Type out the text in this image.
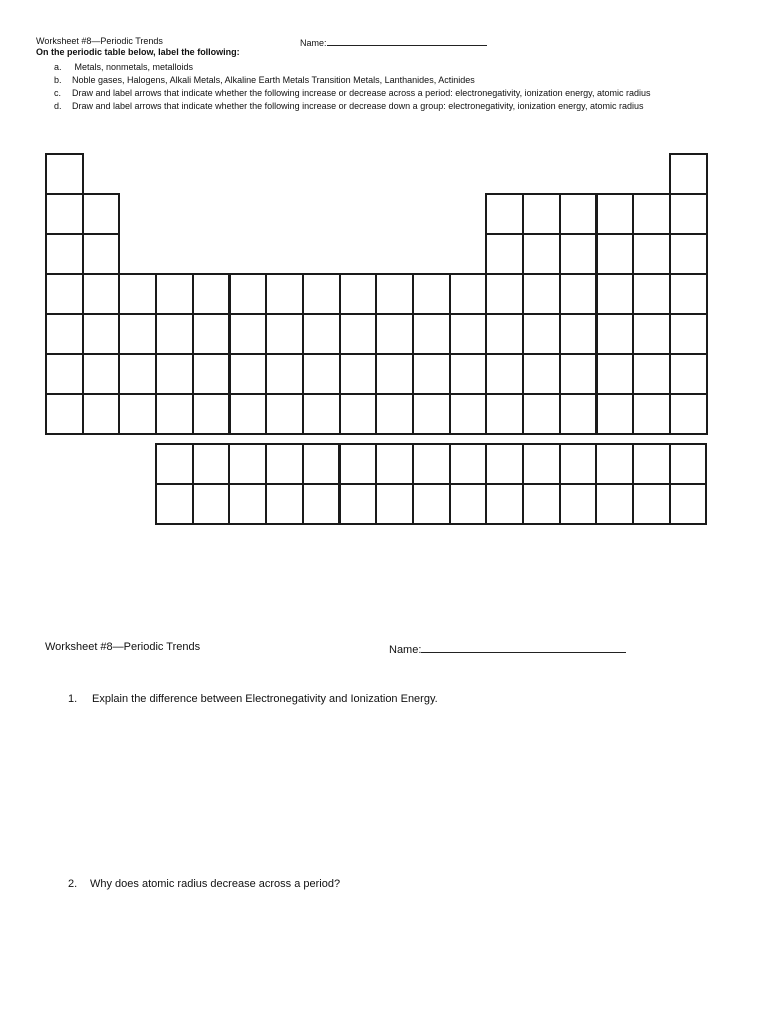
Worksheet #8—Periodic Trends	Name:
On the periodic table below, label the following:
a. Metals, nonmetals, metalloids
b. Noble gases, Halogens, Alkali Metals, Alkaline Earth Metals Transition Metals, Lanthanides, Actinides
c. Draw and label arrows that indicate whether the following increase or decrease across a period: electronegativity, ionization energy, atomic radius
d. Draw and label arrows that indicate whether the following increase or decrease down a group: electronegativity, ionization energy, atomic radius
Worksheet #8—Periodic Trends	Name:
1. Explain the difference between Electronegativity and Ionization Energy.
2. Why does atomic radius decrease across a period?
